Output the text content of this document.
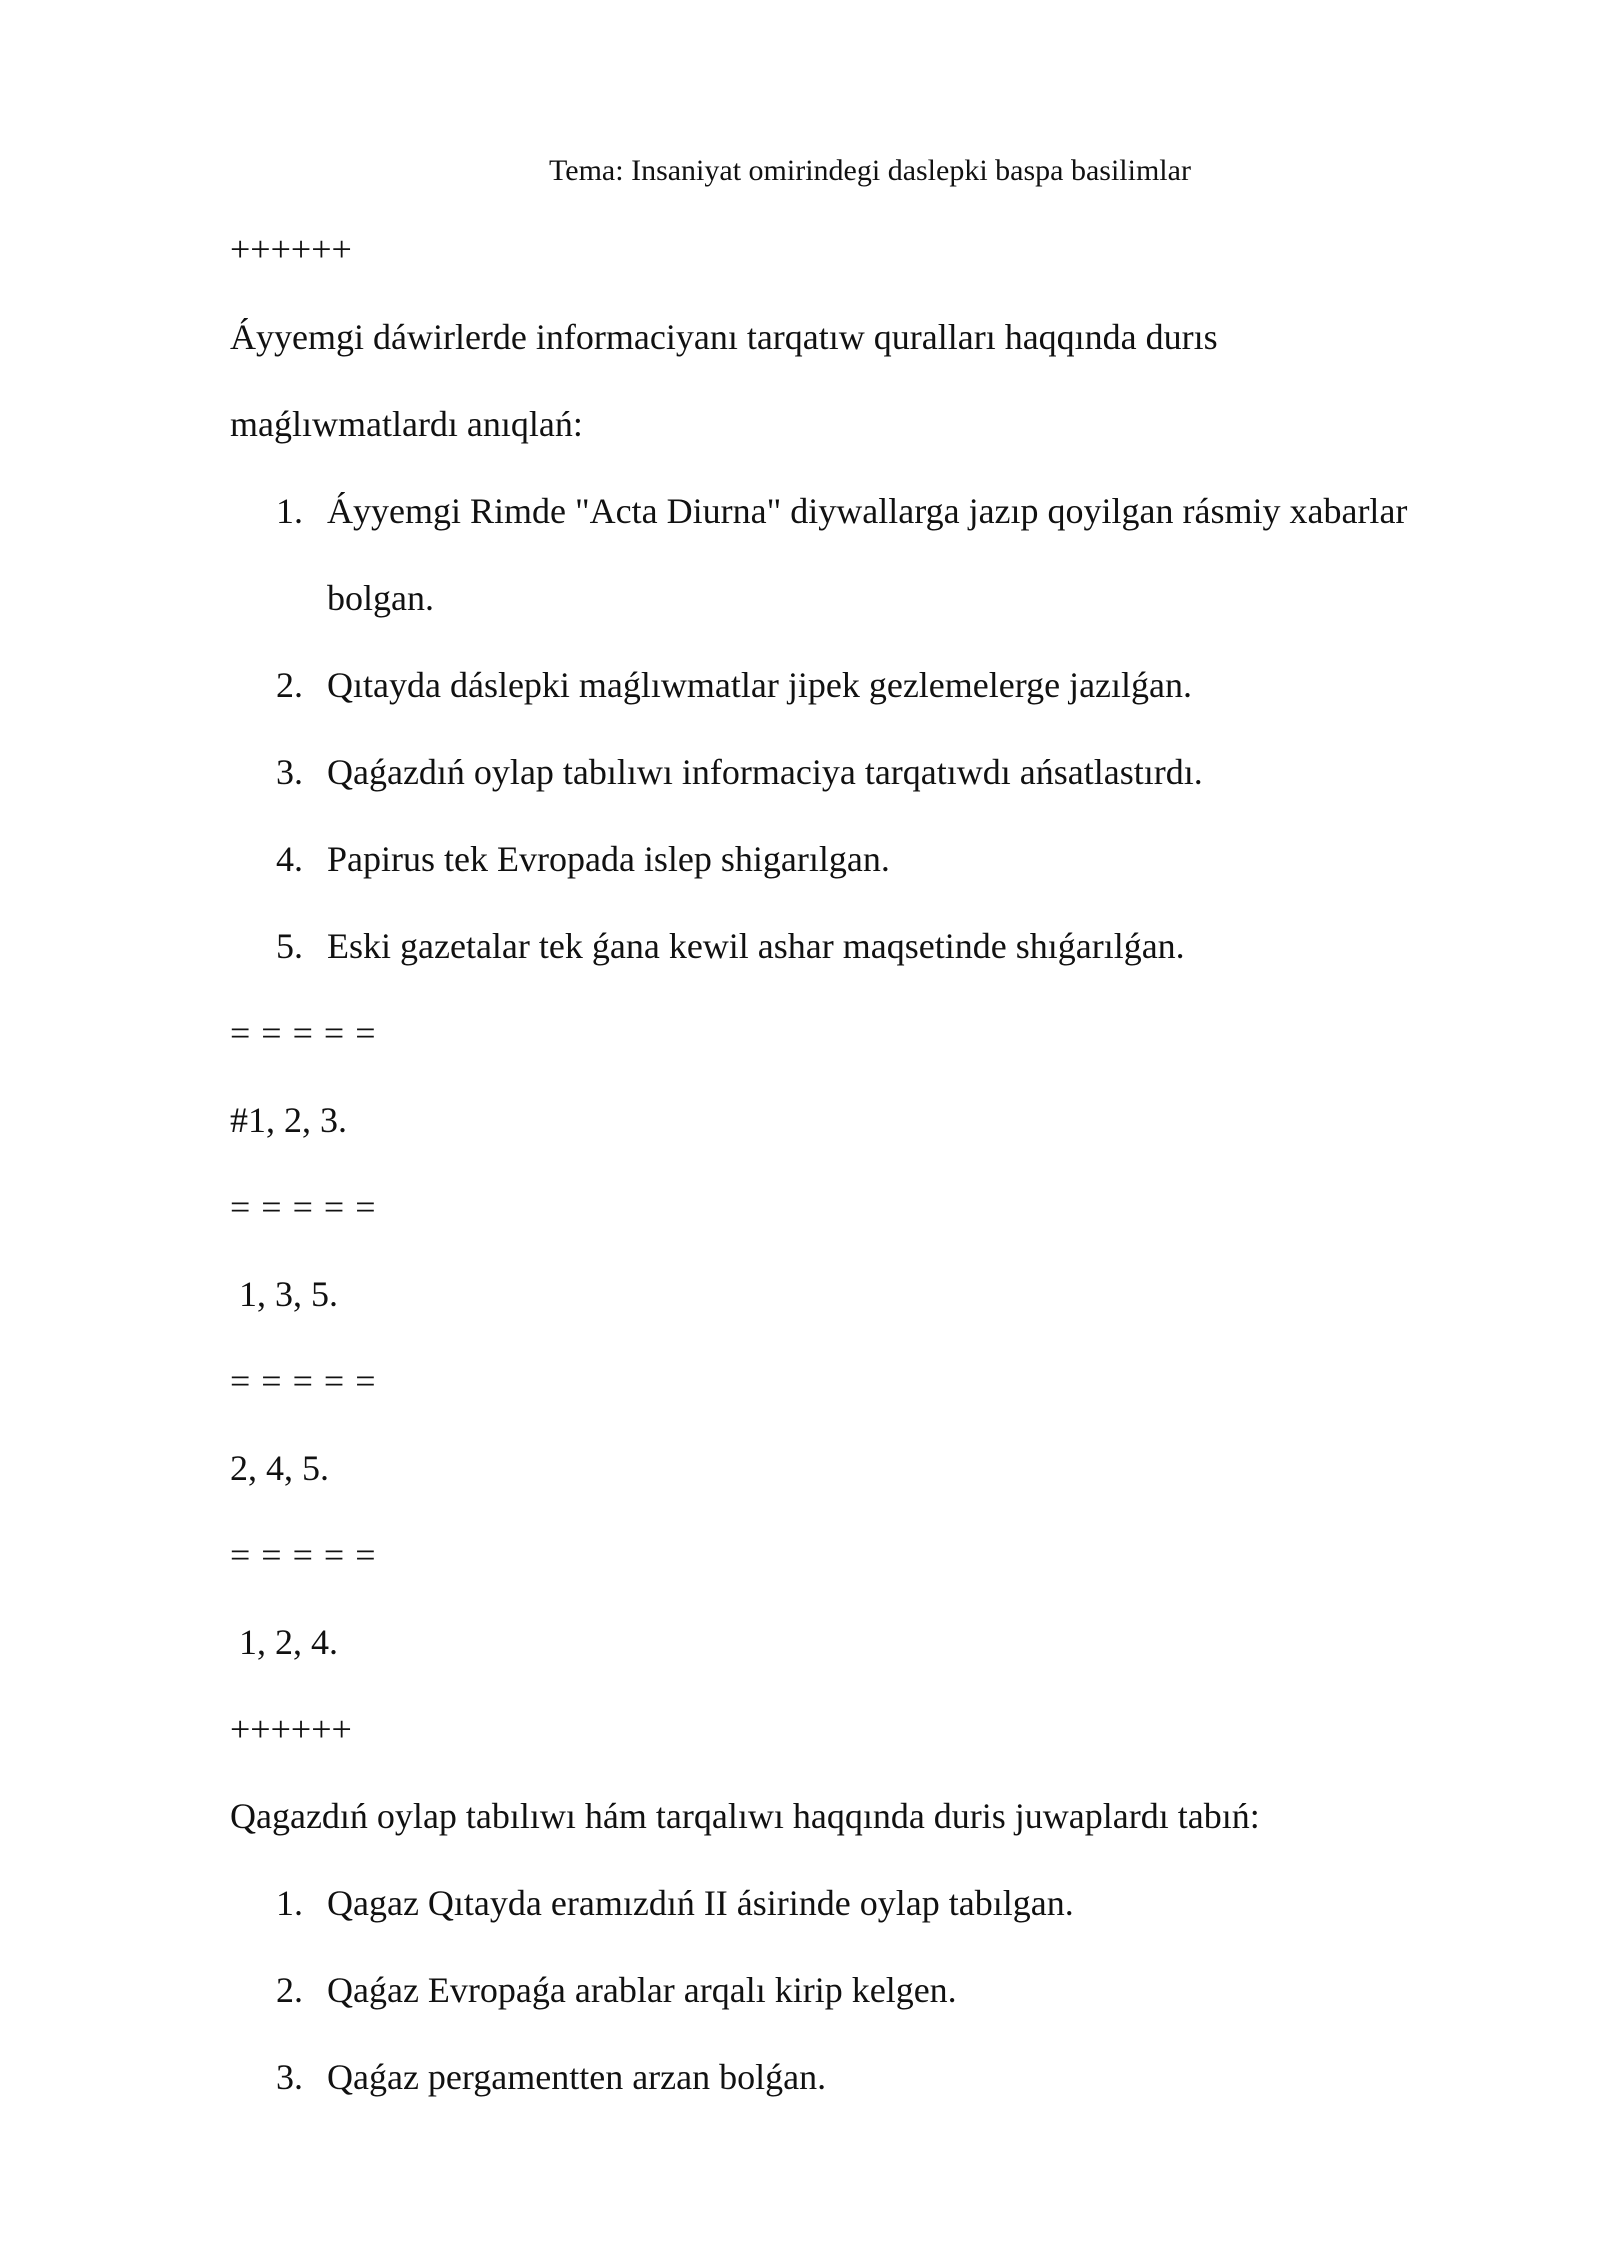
Tema: Insaniyat omirindegi daslepki baspa basilimlar
++++++
Áyyemgi dáwirlerde informaciyanı tarqatıw quralları haqqında durıs
maǵlıwmatlardı anıqlań:
1. Áyyemgi Rimde "Acta Diurna" diywallarga jazıp qoyilgan rásmiy xabarlar
bolgan.
2. Qıtayda dáslepki maǵlıwmatlar jipek gezlemelerge jazılǵan.
3. Qaǵazdıń oylap tabılıwı informaciya tarqatıwdı ańsatlastırdı.
4. Papirus tek Evropada islep shigarılgan.
5. Eski gazetalar tek ǵana kewil ashar maqsetinde shıǵarılǵan.
= = = = =
#1, 2, 3.
= = = = =
1, 3, 5.
= = = = =
2, 4, 5.
= = = = =
1, 2, 4.
++++++
Qagazdıń oylap tabılıwı hám tarqalıwı haqqında duris juwaplardı tabıń:
1. Qagaz Qıtayda eramızdıń II ásirinde oylap tabılgan.
2. Qaǵaz Evropaǵa arablar arqalı kirip kelgen.
3. Qaǵaz pergamentten arzan bolǵan.
